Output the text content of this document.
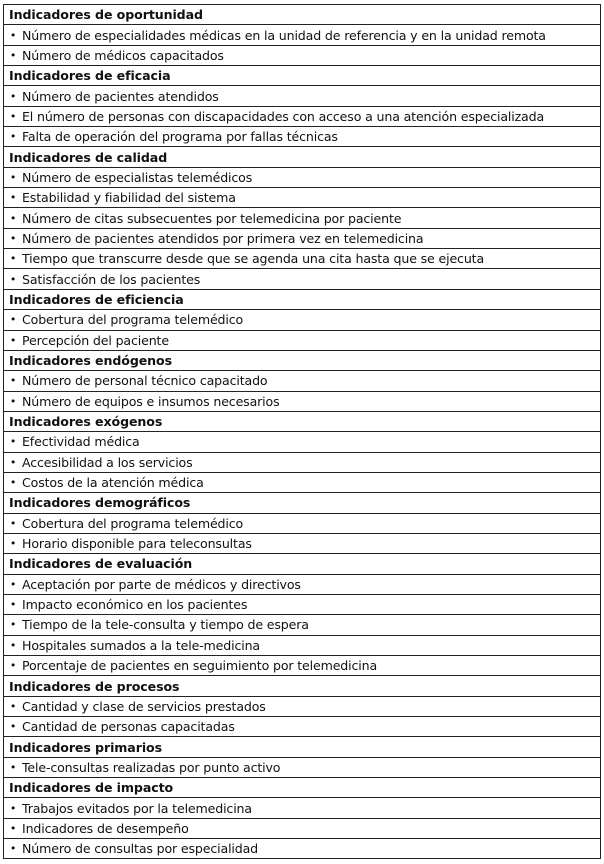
Indicadores de oportunidad
• Número de especialidades médicas en la unidad de referencia y en la unidad remota
• Número de médicos capacitados
Indicadores de eficacia
• Número de pacientes atendidos
• El número de personas con discapacidades con acceso a una atención especializada
• Falta de operación del programa por fallas técnicas
Indicadores de calidad
• Número de especialistas telemédicos
• Estabilidad y fiabilidad del sistema
• Número de citas subsecuentes por telemedicina por paciente
• Número de pacientes atendidos por primera vez en telemedicina
• Tiempo que transcurre desde que se agenda una cita hasta que se ejecuta
• Satisfacción de los pacientes
Indicadores de eficiencia
• Cobertura del programa telemédico
• Percepción del paciente
Indicadores endógenos
• Número de personal técnico capacitado
• Número de equipos e insumos necesarios
Indicadores exógenos
• Efectividad médica
• Accesibilidad a los servicios
• Costos de la atención médica
Indicadores demográficos
• Cobertura del programa telemédico
• Horario disponible para teleconsultas
Indicadores de evaluación
• Aceptación por parte de médicos y directivos
• Impacto económico en los pacientes
• Tiempo de la tele-consulta y tiempo de espera
• Hospitales sumados a la tele-medicina
• Porcentaje de pacientes en seguimiento por telemedicina
Indicadores de procesos
• Cantidad y clase de servicios prestados
• Cantidad de personas capacitadas
Indicadores primarios
• Tele-consultas realizadas por punto activo
Indicadores de impacto
• Trabajos evitados por la telemedicina
• Indicadores de desempeño
• Número de consultas por especialidad
